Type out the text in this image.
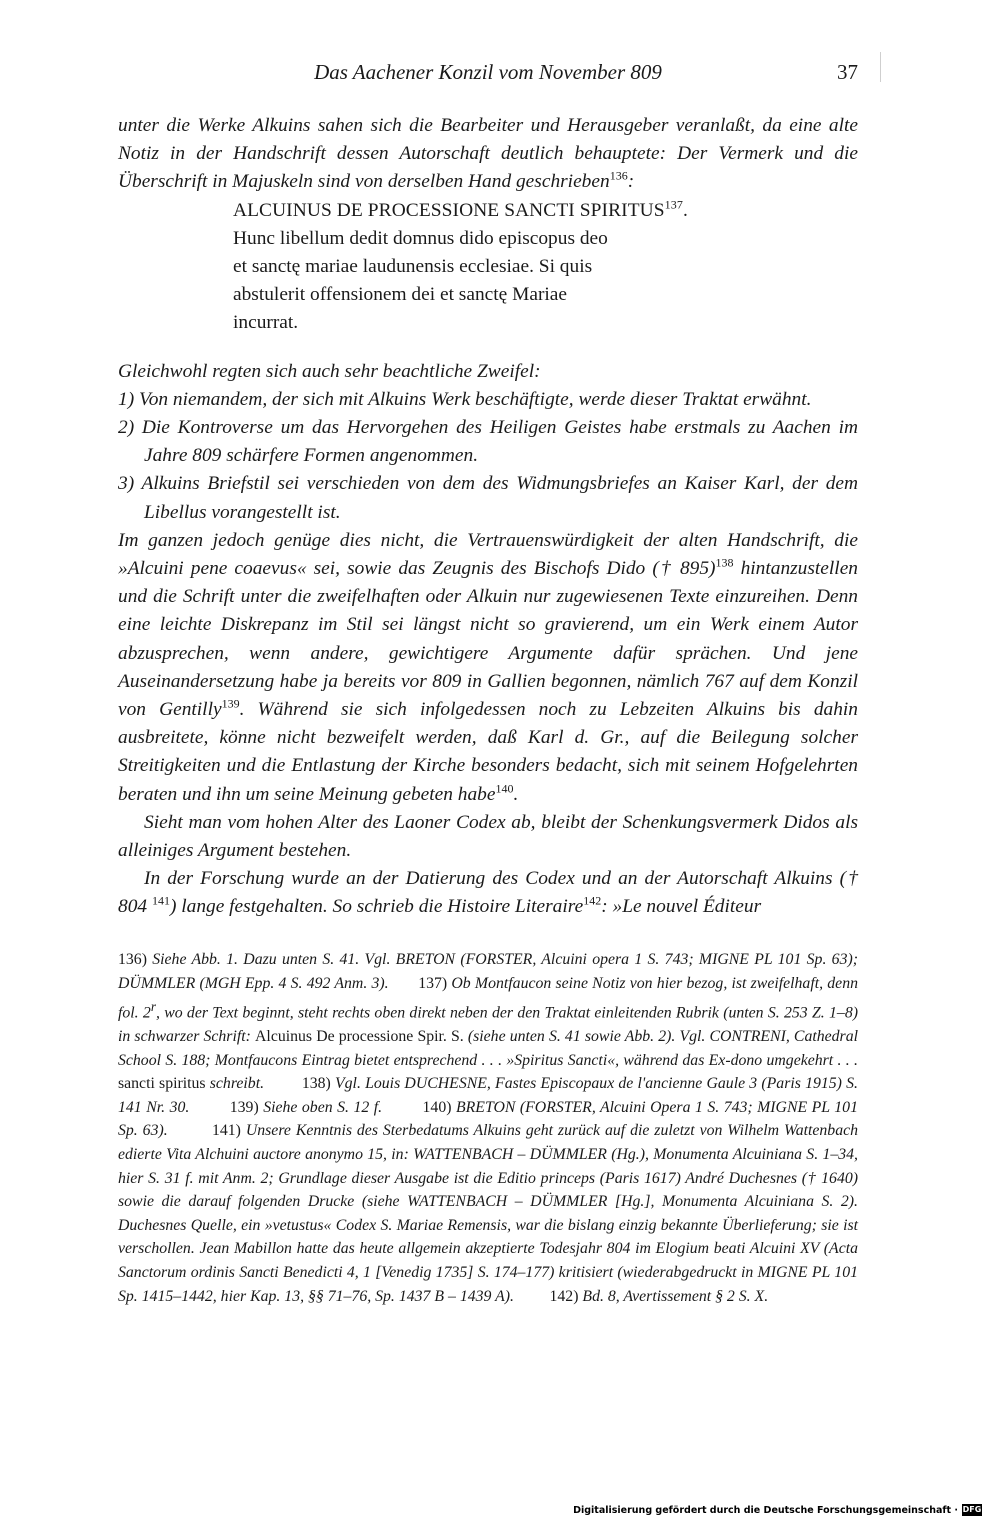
Das Aachener Konzil vom November 809	37

unter die Werke Alkuins sahen sich die Bearbeiter und Herausgeber veranlaßt, da eine alte Notiz in der Handschrift dessen Autorschaft deutlich behauptete: Der Vermerk und die Überschrift in Majuskeln sind von derselben Hand geschrieben$^{136}$:

ALCUINUS DE PROCESSIONE SANCTI SPIRITUS$^{137}$.
Hunc libellum dedit domnus dido episcopus deo
et sanctę mariae laudunensis ecclesiae. Si quis
abstulerit offensionem dei et sanctę Mariae
incurrat.

Gleichwohl regten sich auch sehr beachtliche Zweifel:

1) Von niemandem, der sich mit Alkuins Werk beschäftigte, werde dieser Traktat erwähnt.

2) Die Kontroverse um das Hervorgehen des Heiligen Geistes habe erstmals zu Aachen im Jahre 809 schärfere Formen angenommen.

3) Alkuins Briefstil sei verschieden von dem des Widmungsbriefes an Kaiser Karl, der dem Libellus vorangestellt ist.

Im ganzen jedoch genüge dies nicht, die Vertrauenswürdigkeit der alten Handschrift, die »Alcuini pene coaevus« sei, sowie das Zeugnis des Bischofs Dido († 895)$^{138}$ hintanzustellen und die Schrift unter die zweifelhaften oder Alkuin nur zugewiesenen Texte einzureihen. Denn eine leichte Diskrepanz im Stil sei längst nicht so gravierend, um ein Werk einem Autor abzusprechen, wenn andere, gewichtigere Argumente dafür sprächen. Und jene Auseinandersetzung habe ja bereits vor 809 in Gallien begonnen, nämlich 767 auf dem Konzil von Gentilly$^{139}$. Während sie sich infolgedessen noch zu Lebzeiten Alkuins bis dahin ausbreitete, könne nicht bezweifelt werden, daß Karl d. Gr., auf die Beilegung solcher Streitigkeiten und die Entlastung der Kirche besonders bedacht, sich mit seinem Hofgelehrten beraten und ihn um seine Meinung gebeten habe$^{140}$.

Sieht man vom hohen Alter des Laoner Codex ab, bleibt der Schenkungsvermerk Didos als alleiniges Argument bestehen.

In der Forschung wurde an der Datierung des Codex und an der Autorschaft Alkuins († 804 $^{141}$) lange festgehalten. So schrieb die Histoire Literaire$^{142}$: »Le nouvel Éditeur

136) Siehe Abb. 1. Dazu unten S. 41. Vgl. BRETON (FORSTER, Alcuini opera 1 S. 743; MIGNE PL 101 Sp. 63); DÜMMLER (MGH Epp. 4 S. 492 Anm. 3). 137) Ob Montfaucon seine Notiz von hier bezog, ist zweifelhaft, denn fol. 2$^r$, wo der Text beginnt, steht rechts oben direkt neben der den Traktat einleitenden Rubrik (unten S. 253 Z. 1–8) in schwarzer Schrift: Alcuinus De processione Spir. S. (siehe unten S. 41 sowie Abb. 2). Vgl. CONTRENI, Cathedral School S. 188; Montfaucons Eintrag bietet entsprechend . . . »Spiritus Sancti«, während das Ex-dono umgekehrt . . . sancti spiritus schreibt. 138) Vgl. Louis DUCHESNE, Fastes Episcopaux de l'ancienne Gaule 3 (Paris 1915) S. 141 Nr. 30.	139) Siehe oben S. 12 f.	140) BRETON (FORSTER, Alcuini Opera 1 S. 743; MIGNE PL 101 Sp. 63).	141) Unsere Kenntnis des Sterbedatums Alkuins geht zurück auf die zuletzt von Wilhelm Wattenbach edierte Vita Alchuini auctore anonymo 15, in: WATTENBACH – DÜMMLER (Hg.), Monumenta Alcuiniana S. 1–34, hier S. 31 f. mit Anm. 2; Grundlage dieser Ausgabe ist die Editio princeps (Paris 1617) André Duchesnes († 1640) sowie die darauf folgenden Drucke (siehe WATTENBACH – DÜMMLER [Hg.], Monumenta Alcuiniana S. 2). Duchesnes Quelle, ein »vetustus« Codex S. Mariae Remensis, war die bislang einzig bekannte Überlieferung; sie ist verschollen. Jean Mabillon hatte das heute allgemein akzeptierte Todesjahr 804 im Elogium beati Alcuini XV (Acta Sanctorum ordinis Sancti Benedicti 4, 1 [Venedig 1735] S. 174–177) kritisiert (wiederabgedruckt in MIGNE PL 101 Sp. 1415–1442, hier Kap. 13, §§ 71–76, Sp. 1437 B – 1439 A). 142) Bd. 8, Avertissement § 2 S. X.

Digitalisierung gefördert durch die Deutsche Forschungsgemeinschaft · DFG
